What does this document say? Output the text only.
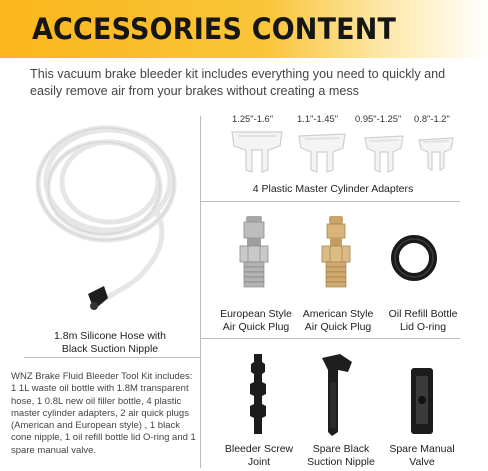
ACCESSORIES CONTENT
This vacuum brake bleeder kit includes everything you need to quickly and easily remove air from your brakes without creating a mess
1.25"-1.6"	1.1"-1.45" 0.95"-1.25" 0.8"-1.2"
4 Plastic Master Cylinder Adapters
1.8m Silicone Hose with
Black Suction Nipple
European Style
Air Quick Plug
American Style
Air Quick Plug
Oil Refill Bottle
Lid O-ring
WNZ Brake Fluid Bleeder Tool Kit includes: 1 1L waste oil bottle with 1.8M transparent hose, 1 0.8L new oil filler bottle, 4 plastic master cylinder adapters, 2 air quick plugs (American and European style) , 1 black cone nipple, 1 oil refill bottle lid O-ring and 1 spare manual valve.	Bleeder Screw
Joint
Spare Black
Suction Nipple
Spare Manual
Valve
